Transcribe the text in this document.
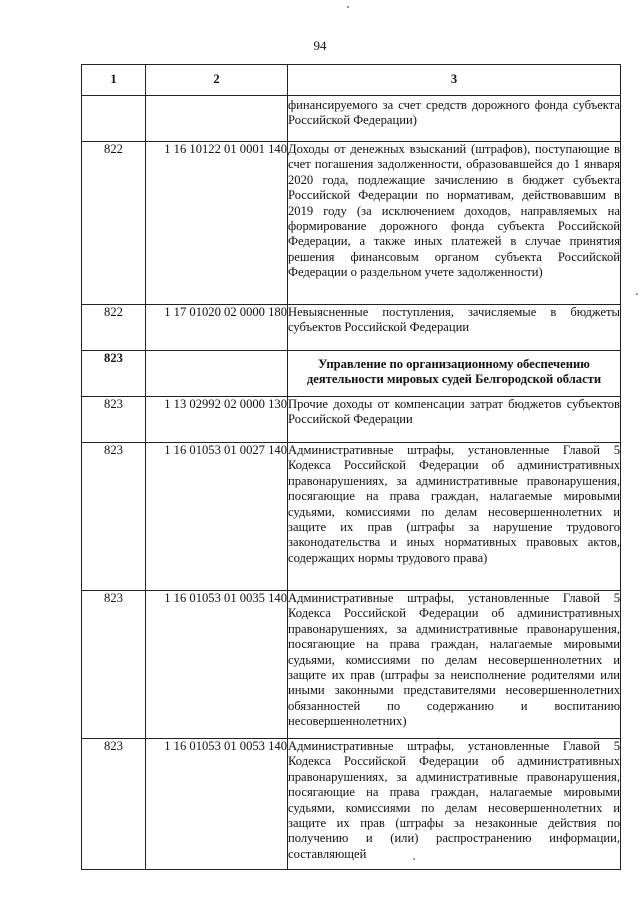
94
1	2	3
		финансируемого за счет средств дорожного фонда субъекта Российской Федерации)
822	1 16 10122 01 0001 140	Доходы от денежных взысканий (штрафов), поступающие в счет погашения задолженности, образовавшейся до 1 января 2020 года, подлежащие зачислению в бюджет субъекта Российской Федерации по нормативам, действовавшим в 2019 году (за исключением доходов, направляемых на формирование дорожного фонда субъекта Российской Федерации, а также иных платежей в случае принятия решения финансовым органом субъекта Российской Федерации о раздельном учете задолженности)
822	1 17 01020 02 0000 180	Невыясненные поступления, зачисляемые в бюджеты субъектов Российской Федерации
823		Управление по организационному обеспечению деятельности мировых судей Белгородской области
823	1 13 02992 02 0000 130	Прочие доходы от компенсации затрат бюджетов субъектов Российской Федерации
823	1 16 01053 01 0027 140	Административные штрафы, установленные Главой 5 Кодекса Российской Федерации об административных правонарушениях, за административные правонарушения, посягающие на права граждан, налагаемые мировыми судьями, комиссиями по делам несовершеннолетних и защите их прав (штрафы за нарушение трудового законодательства и иных нормативных правовых актов, содержащих нормы трудового права)
823	1 16 01053 01 0035 140	Административные штрафы, установленные Главой 5 Кодекса Российской Федерации об административных правонарушениях, за административные правонарушения, посягающие на права граждан, налагаемые мировыми судьями, комиссиями по делам несовершеннолетних и защите их прав (штрафы за неисполнение родителями или иными законными представителями несовершеннолетних обязанностей по содержанию и воспитанию несовершеннолетних)
823	1 16 01053 01 0053 140	Административные штрафы, установленные Главой 5 Кодекса Российской Федерации об административных правонарушениях, за административные правонарушения, посягающие на права граждан, налагаемые мировыми судьями, комиссиями по делам несовершеннолетних и защите их прав (штрафы за незаконные действия по получению и (или) распространению информации, составляющей
